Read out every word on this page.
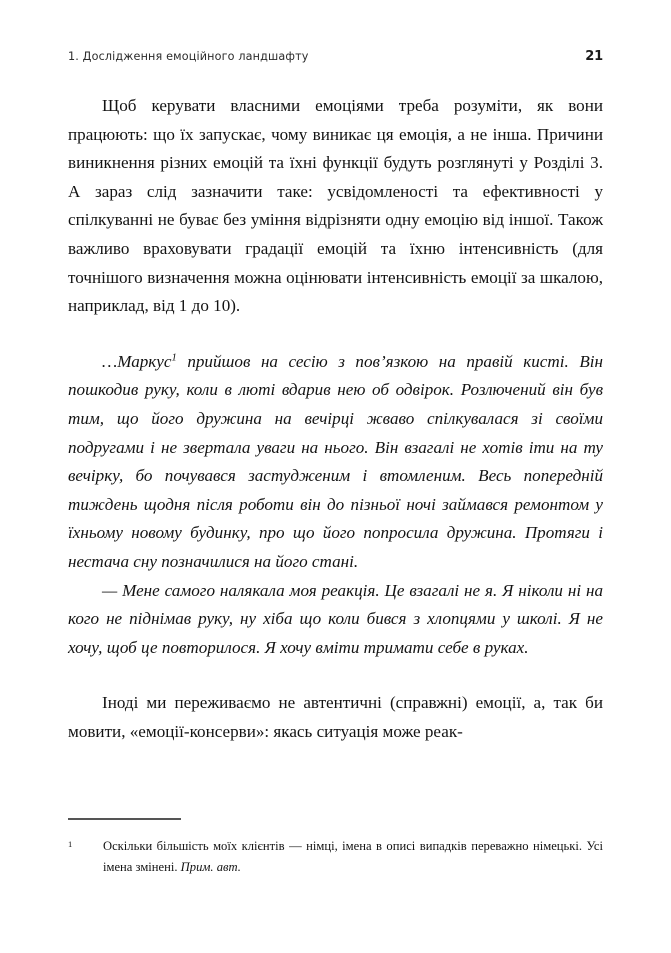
1. Дослідження емоційного ландшафту	21

Щоб керувати власними емоціями треба розуміти, як вони працюють: що їх запускає, чому виникає ця емоція, а не інша. Причини виникнення різних емоцій та їхні функції будуть розглянуті у Розділі 3. А зараз слід зазначити таке: усвідомленості та ефективності у спілкуванні не буває без уміння відрізняти одну емоцію від іншої. Також важливо враховувати градації емоцій та їхню інтенсивність (для точнішого визначення можна оцінювати інтенсивність емоції за шкалою, наприклад, від 1 до 10).

…Маркус$^1$ прийшов на сесію з пов’язкою на правій кисті. Він пошкодив руку, коли в люті вдарив нею об одвірок. Розлючений він був тим, що його дружина на вечірці жваво спілкувалася зі своїми подругами і не звертала уваги на нього. Він взагалі не хотів іти на ту вечірку, бо почувався застудженим і втомленим. Весь попередній тиждень щодня після роботи він до пізньої ночі займався ремонтом у їхньому новому будинку, про що його попросила дружина. Протяги і нестача сну позначилися на його стані.

— Мене самого налякала моя реакція. Це взагалі не я. Я ніколи ні на кого не піднімав руку, ну хіба що коли бився з хлопцями у школі. Я не хочу, щоб це повторилося. Я хочу вміти тримати себе в руках.

Іноді ми переживаємо не автентичні (справжні) емоції, а, так би мовити, «емоції-консерви»: якась ситуація може реак-

1 Оскільки більшість моїх клієнтів — німці, імена в описі випадків переважно німецькі. Усі імена змінені. Прим. авт.
